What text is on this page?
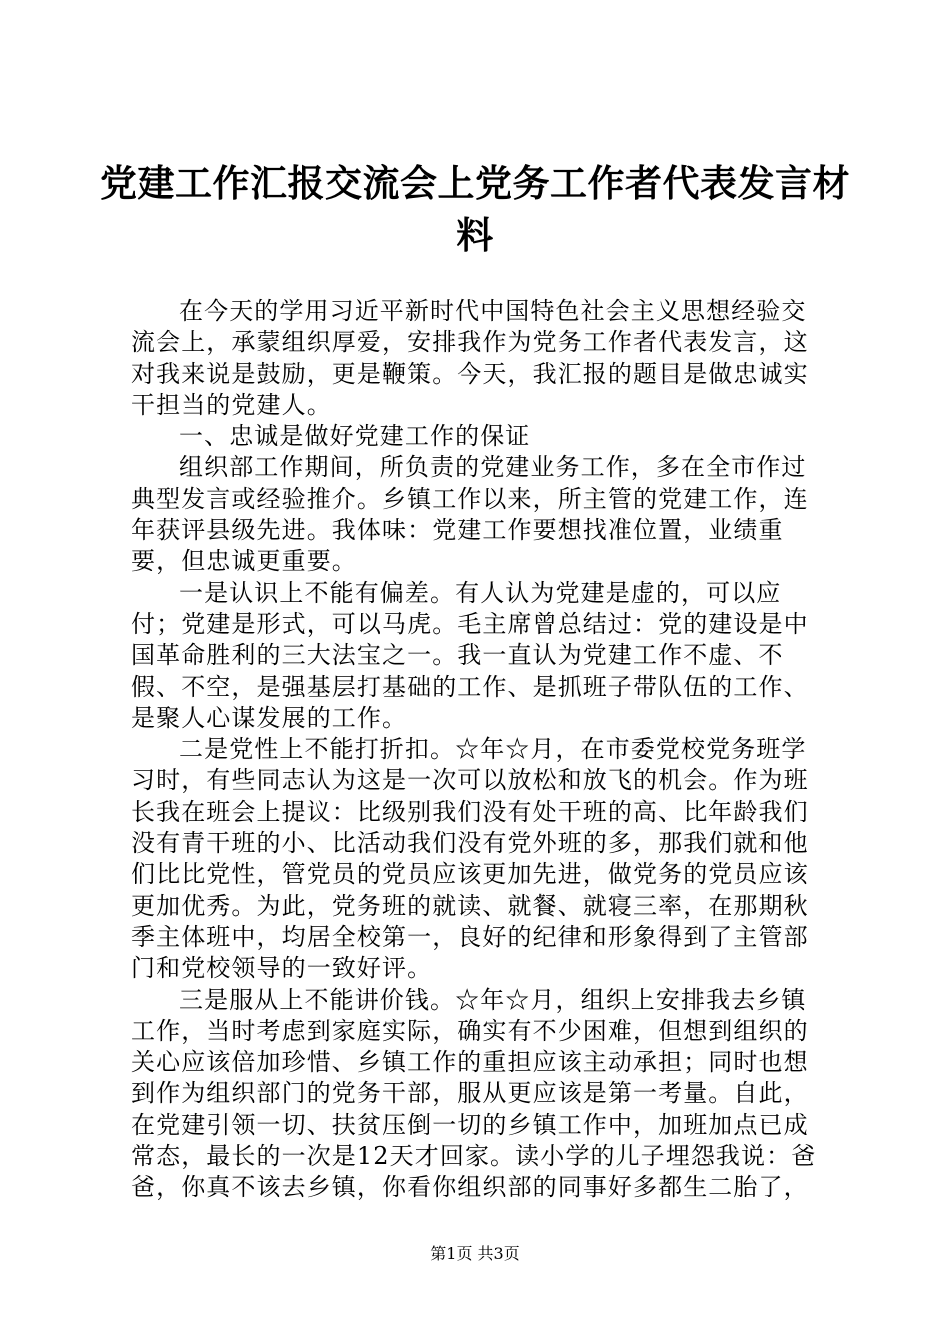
党建工作汇报交流会上党务工作者代表发言材
料

在今天的学用习近平新时代中国特色社会主义思想经验交流会上，承蒙组织厚爱，安排我作为党务工作者代表发言，这对我来说是鼓励，更是鞭策。今天，我汇报的题目是做忠诚实干担当的党建人。

一、忠诚是做好党建工作的保证

组织部工作期间，所负责的党建业务工作，多在全市作过典型发言或经验推介。乡镇工作以来，所主管的党建工作，连年获评县级先进。我体味：党建工作要想找准位置，业绩重要，但忠诚更重要。

一是认识上不能有偏差。有人认为党建是虚的，可以应付；党建是形式，可以马虎。毛主席曾总结过：党的建设是中国革命胜利的三大法宝之一。我一直认为党建工作不虚、不假、不空，是强基层打基础的工作、是抓班子带队伍的工作、是聚人心谋发展的工作。

二是党性上不能打折扣。☆年☆月，在市委党校党务班学习时，有些同志认为这是一次可以放松和放飞的机会。作为班长我在班会上提议：比级别我们没有处干班的高、比年龄我们没有青干班的小、比活动我们没有党外班的多，那我们就和他们比比党性，管党员的党员应该更加先进，做党务的党员应该更加优秀。为此，党务班的就读、就餐、就寝三率，在那期秋季主体班中，均居全校第一，良好的纪律和形象得到了主管部门和党校领导的一致好评。

三是服从上不能讲价钱。☆年☆月，组织上安排我去乡镇工作，当时考虑到家庭实际，确实有不少困难，但想到组织的关心应该倍加珍惜、乡镇工作的重担应该主动承担；同时也想到作为组织部门的党务干部，服从更应该是第一考量。自此，在党建引领一切、扶贫压倒一切的乡镇工作中，加班加点已成常态，最长的一次是12天才回家。读小学的儿子埋怨我说：爸爸，你真不该去乡镇，你看你组织部的同事好多都生二胎了，

第1页 共3页
